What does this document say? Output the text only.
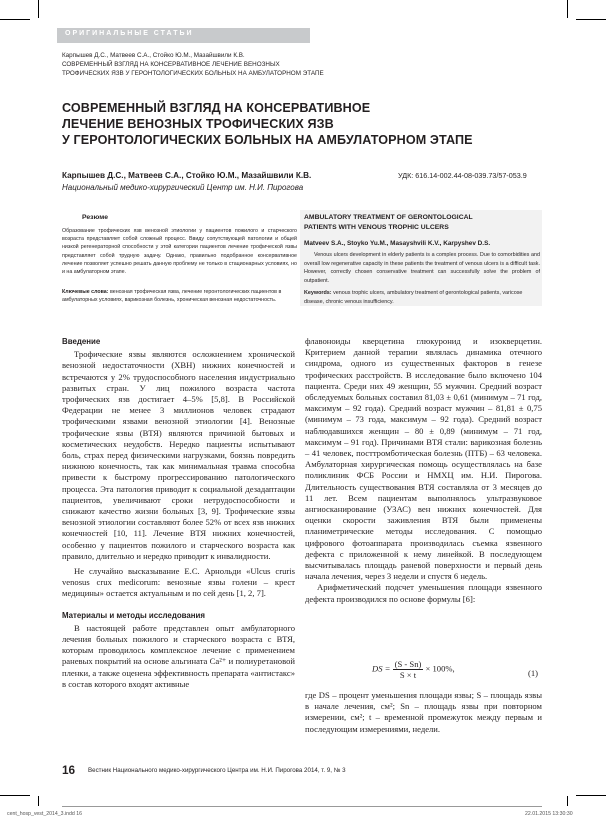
ОРИГИНАЛЬНЫЕ СТАТЬИ
Карпышев Д.С., Матвеев С.А., Стойко Ю.М., Мазайшвили К.В.
СОВРЕМЕННЫЙ ВЗГЛЯД НА КОНСЕРВАТИВНОЕ ЛЕЧЕНИЕ ВЕНОЗНЫХ
ТРОФИЧЕСКИХ ЯЗВ У ГЕРОНТОЛОГИЧЕСКИХ БОЛЬНЫХ НА АМБУЛАТОРНОМ ЭТАПЕ
СОВРЕМЕННЫЙ ВЗГЛЯД НА КОНСЕРВАТИВНОЕ
ЛЕЧЕНИЕ ВЕНОЗНЫХ ТРОФИЧЕСКИХ ЯЗВ
У ГЕРОНТОЛОГИЧЕСКИХ БОЛЬНЫХ НА АМБУЛАТОРНОМ ЭТАПЕ
Карпышев Д.С., Матвеев С.А., Стойко Ю.М., Мазайшвили К.В.
Национальный медико-хирургический Центр им. Н.И. Пирогова
УДК: 616.14-002.44-08-039.73/57-053.9
Резюме
Образование трофических язв венозной этиологии у пациентов пожилого и старческого возраста представляет собой сложный процесс. Ввиду сопутствующей патологии и общей низкой регенераторной способности у этой категории пациентов лечение трофической язвы представляет собой трудную задачу. Однако, правильно подобранное консервативное лечение позволяет успешно решать данную проблему не только в стационарных условиях, но и на амбулаторном этапе.
Ключевые слова: венозная трофическая язва, лечение геронтологических пациентов в амбулаторных условиях, варикозная болезнь, хроническая венозная недостаточность.
AMBULATORY TREATMENT OF GERONTOLOGICAL
PATIENTS WITH VENOUS TROPHIC ULCERS
Matveev S.A., Stoyko Yu.M., Masayshvili K.V., Karpyshev D.S.
Venous ulcers development in elderly patients is a complex process. Due to comorbidities and overall low regenerative capacity in these patients the treatment of venous ulcers is a difficult task. However, correctly chosen conservative treatment can successfully solve the problem of outpatient.
Keywords: venous trophic ulcers, ambulatory treatment of gerontological patients, varicose disease, chronic venous insufficiency.
Введение

Трофические язвы являются осложнением хронической венозной недостаточности (ХВН) нижних конечностей и встречаются у 2% трудоспособного населения индустриально развитых стран. У лиц пожилого возраста частота трофических язв достигает 4–5% [5,8]. В Российской Федерации не менее 3 миллионов человек страдают трофическими язвами венозной этиологии [4]. Венозные трофические язвы (ВТЯ) являются причиной бытовых и косметических неудобств. Нередко пациенты испытывают боль, страх перед физическими нагрузками, боязнь повредить нижнюю конечность, так как минимальная травма способна привести к быстрому прогрессированию патологического процесса. Эта патология приводит к социальной дезадаптации пациентов, увеличивают сроки нетрудоспособности и снижают качество жизни больных [3, 9]. Трофические язвы венозной этиологии составляют более 52% от всех язв нижних конечностей [10, 11]. Лечение ВТЯ нижних конечностей, особенно у пациентов пожилого и старческого возраста как правило, длительно и нередко приводит к инвалидности.

Не случайно высказывание Е.С. Арнольди «Ulcus cruris venosus crux medicorum: венозные язвы голени – крест медицины» остается актуальным и по сей день [1, 2, 7].

Материалы и методы исследования

В настоящей работе представлен опыт амбулаторного лечения больных пожилого и старческого возраста с ВТЯ, которым проводилось комплексное лечение с применением раневых покрытий на основе альгината Ca²⁺ и полиуретановой пленки, а также оценена эффективность препарата «антистакс» в состав которого входят активные

флавоноиды кверцетина глюкуронид и изокверцетин. Критерием данной терапии являлась динамика отечного синдрома, одного из существенных факторов в генезе трофических расстройств. В исследование было включено 104 пациента. Среди них 49 женщин, 55 мужчин. Средний возраст обследуемых больных составил 81,03 ± 0,61 (минимум – 71 год, максимум – 92 года). Средний возраст мужчин – 81,81 ± 0,75 (минимум – 73 года, максимум – 92 года). Средний возраст наблюдавшихся женщин – 80 ± 0,89 (минимум – 71 год, максимум – 91 год). Причинами ВТЯ стали: варикозная болезнь – 41 человек, посттромботическая болезнь (ПТБ) – 63 человека. Амбулаторная хирургическая помощь осуществлялась на базе поликлиник ФСБ России и НМХЦ им. Н.И. Пирогова. Длительность существования ВТЯ составляла от 3 месяцев до 11 лет. Всем пациентам выполнялось ультразвуковое ангиосканирование (УЗАС) вен нижних конечностей. Для оценки скорости заживления ВТЯ были применены планиметрические методы исследования. С помощью цифрового фотоаппарата производилась съемка язвенного дефекта с приложенной к нему линейкой. В последующем высчитывалась площадь раневой поверхности и первый день начала лечения, через 3 недели и спустя 6 недель.

Арифметический подсчет уменьшения площади язвенного дефекта производился по основе формулы [6]:

DS = $\frac{(S - Sn)}{S \times t} \times 100\%$,	(1)

где DS – процент уменьшения площади язвы; S – площадь язвы в начале лечения, см²; Sn – площадь язвы при повторном измерении, см²; t – временной промежуток между первым и последующим измерениями, недели.

16 Вестник Национального медико-хирургического Центра им. Н.И. Пирогова 2014, т. 9, № 3
cent_hosp_vest_2014_3.indd 16	22.01.2015 13:30:30
